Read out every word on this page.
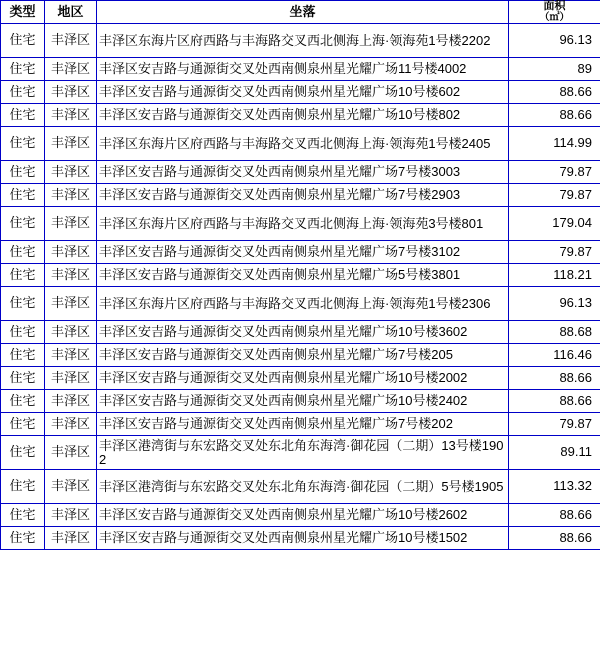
类型	地区	坐落	面积
（㎡）

住宅	丰泽区	丰泽区东海片区府西路与丰海路交叉西北侧海上海·领海苑1号楼2202	96.13
住宅	丰泽区	丰泽区安吉路与通源街交叉处西南侧泉州星光耀广场11号楼4002	89
住宅	丰泽区	丰泽区安吉路与通源街交叉处西南侧泉州星光耀广场10号楼602	88.66
住宅	丰泽区	丰泽区安吉路与通源街交叉处西南侧泉州星光耀广场10号楼802	88.66
住宅	丰泽区	丰泽区东海片区府西路与丰海路交叉西北侧海上海·领海苑1号楼2405	114.99
住宅	丰泽区	丰泽区安吉路与通源街交叉处西南侧泉州星光耀广场7号楼3003	79.87
住宅	丰泽区	丰泽区安吉路与通源街交叉处西南侧泉州星光耀广场7号楼2903	79.87
住宅	丰泽区	丰泽区东海片区府西路与丰海路交叉西北侧海上海·领海苑3号楼801	179.04
住宅	丰泽区	丰泽区安吉路与通源街交叉处西南侧泉州星光耀广场7号楼3102	79.87
住宅	丰泽区	丰泽区安吉路与通源街交叉处西南侧泉州星光耀广场5号楼3801	118.21
住宅	丰泽区	丰泽区东海片区府西路与丰海路交叉西北侧海上海·领海苑1号楼2306	96.13
住宅	丰泽区	丰泽区安吉路与通源街交叉处西南侧泉州星光耀广场10号楼3602	88.68
住宅	丰泽区	丰泽区安吉路与通源街交叉处西南侧泉州星光耀广场7号楼205	116.46
住宅	丰泽区	丰泽区安吉路与通源街交叉处西南侧泉州星光耀广场10号楼2002	88.66
住宅	丰泽区	丰泽区安吉路与通源街交叉处西南侧泉州星光耀广场10号楼2402	88.66
住宅	丰泽区	丰泽区安吉路与通源街交叉处西南侧泉州星光耀广场7号楼202	79.87
住宅	丰泽区	丰泽区港湾街与东宏路交叉处东北角东海湾·御花园（二期）13号楼1902	89.11
住宅	丰泽区	丰泽区港湾街与东宏路交叉处东北角东海湾·御花园（二期）5号楼1905	113.32
住宅	丰泽区	丰泽区安吉路与通源街交叉处西南侧泉州星光耀广场10号楼2602	88.66
住宅	丰泽区	丰泽区安吉路与通源街交叉处西南侧泉州星光耀广场10号楼1502	88.66
